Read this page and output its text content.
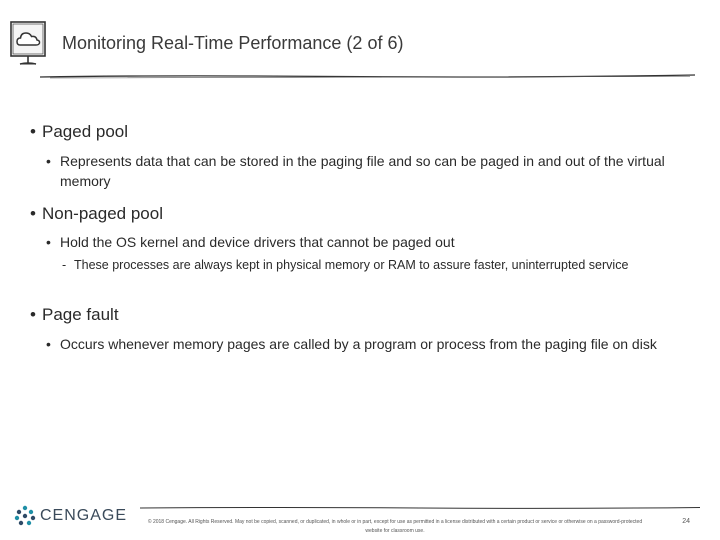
Monitoring Real-Time Performance (2 of 6)
• Paged pool
• Represents data that can be stored in the paging file and so can be paged in and out of the virtual memory
• Non-paged pool
• Hold the OS kernel and device drivers that cannot be paged out
- These processes are always kept in physical memory or RAM to assure faster, uninterrupted service
• Page fault
• Occurs whenever memory pages are called by a program or process from the paging file on disk
CENGAGE	© 2018 Cengage. All Rights Reserved. May not be copied, scanned, or duplicated, in whole or in part, except for use as permitted in a license distributed with a certain product or service or otherwise on a password-protected website for classroom use.
24
